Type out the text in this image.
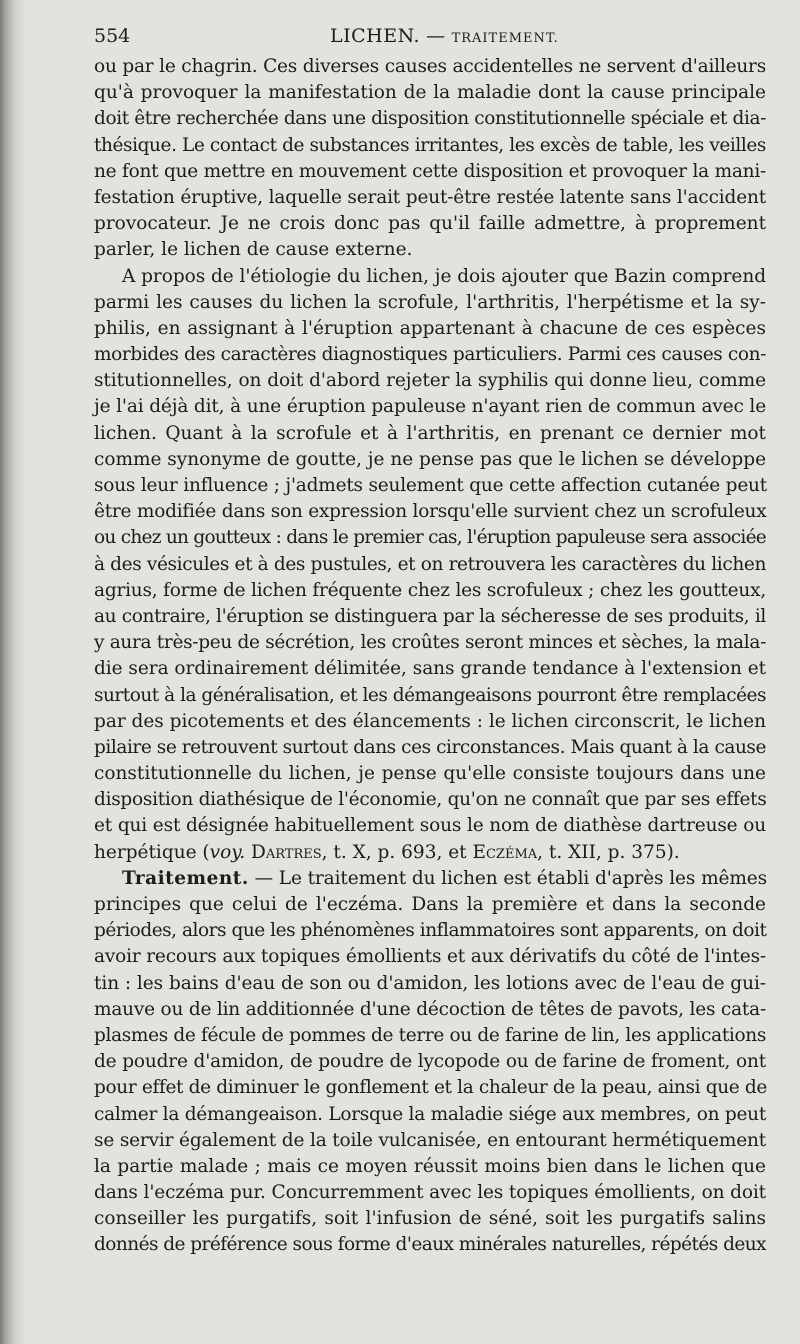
554	LICHEN. — TRAITEMENT.
ou par le chagrin. Ces diverses causes accidentelles ne servent d'ailleurs
qu'à provoquer la manifestation de la maladie dont la cause principale
doit être recherchée dans une disposition constitutionnelle spéciale et dia-
thésique. Le contact de substances irritantes, les excès de table, les veilles
ne font que mettre en mouvement cette disposition et provoquer la mani-
festation éruptive, laquelle serait peut-être restée latente sans l'accident
provocateur. Je ne crois donc pas qu'il faille admettre, à proprement
parler, le lichen de cause externe.
A propos de l'étiologie du lichen, je dois ajouter que Bazin comprend
parmi les causes du lichen la scrofule, l'arthritis, l'herpétisme et la sy-
philis, en assignant à l'éruption appartenant à chacune de ces espèces
morbides des caractères diagnostiques particuliers. Parmi ces causes con-
stitutionnelles, on doit d'abord rejeter la syphilis qui donne lieu, comme
je l'ai déjà dit, à une éruption papuleuse n'ayant rien de commun avec le
lichen. Quant à la scrofule et à l'arthritis, en prenant ce dernier mot
comme synonyme de goutte, je ne pense pas que le lichen se développe
sous leur influence ; j'admets seulement que cette affection cutanée peut
être modifiée dans son expression lorsqu'elle survient chez un scrofuleux
ou chez un goutteux : dans le premier cas, l'éruption papuleuse sera associée
à des vésicules et à des pustules, et on retrouvera les caractères du lichen
agrius, forme de lichen fréquente chez les scrofuleux ; chez les goutteux,
au contraire, l'éruption se distinguera par la sécheresse de ses produits, il
y aura très-peu de sécrétion, les croûtes seront minces et sèches, la mala-
die sera ordinairement délimitée, sans grande tendance à l'extension et
surtout à la généralisation, et les démangeaisons pourront être remplacées
par des picotements et des élancements : le lichen circonscrit, le lichen
pilaire se retrouvent surtout dans ces circonstances. Mais quant à la cause
constitutionnelle du lichen, je pense qu'elle consiste toujours dans une
disposition diathésique de l'économie, qu'on ne connaît que par ses effets
et qui est désignée habituellement sous le nom de diathèse dartreuse ou
herpétique (voy. Dartres, t. X, p. 693, et Eczéma, t. XII, p. 375).
Traitement. — Le traitement du lichen est établi d'après les mêmes
principes que celui de l'eczéma. Dans la première et dans la seconde
périodes, alors que les phénomènes inflammatoires sont apparents, on doit
avoir recours aux topiques émollients et aux dérivatifs du côté de l'intes-
tin : les bains d'eau de son ou d'amidon, les lotions avec de l'eau de gui-
mauve ou de lin additionnée d'une décoction de têtes de pavots, les cata-
plasmes de fécule de pommes de terre ou de farine de lin, les applications
de poudre d'amidon, de poudre de lycopode ou de farine de froment, ont
pour effet de diminuer le gonflement et la chaleur de la peau, ainsi que de
calmer la démangeaison. Lorsque la maladie siége aux membres, on peut
se servir également de la toile vulcanisée, en entourant hermétiquement
la partie malade ; mais ce moyen réussit moins bien dans le lichen que
dans l'eczéma pur. Concurremment avec les topiques émollients, on doit
conseiller les purgatifs, soit l'infusion de séné, soit les purgatifs salins
donnés de préférence sous forme d'eaux minérales naturelles, répétés deux
